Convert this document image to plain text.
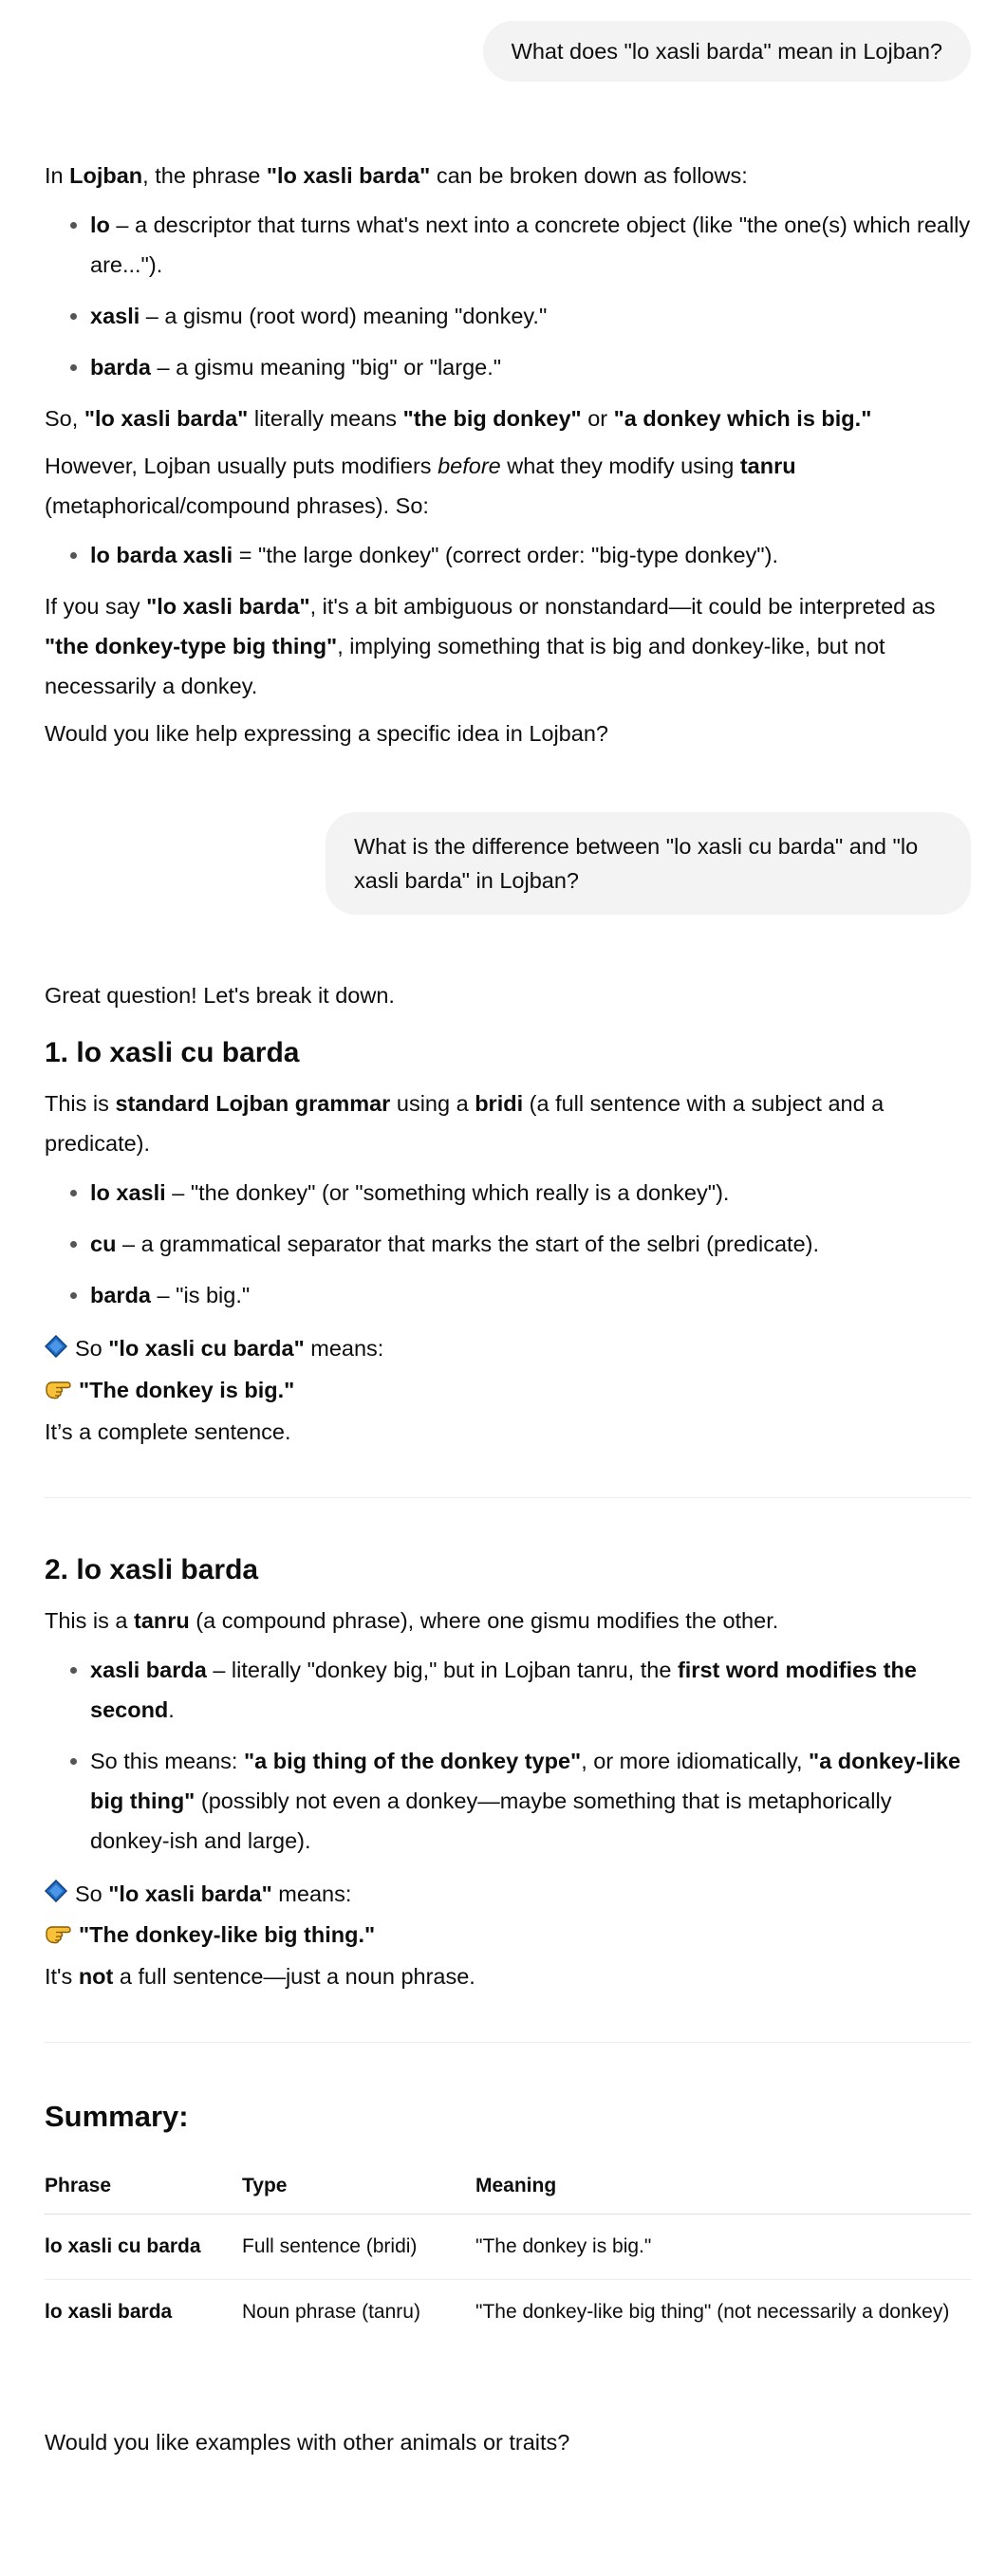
What does "lo xasli barda" mean in Lojban?

In Lojban, the phrase "lo xasli barda" can be broken down as follows:

• lo – a descriptor that turns what's next into a concrete object (like "the one(s) which really are...").
• xasli – a gismu (root word) meaning "donkey."
• barda – a gismu meaning "big" or "large."

So, "lo xasli barda" literally means "the big donkey" or "a donkey which is big."

However, Lojban usually puts modifiers before what they modify using tanru (metaphorical/compound phrases). So:

• lo barda xasli = "the large donkey" (correct order: "big-type donkey").

If you say "lo xasli barda", it's a bit ambiguous or nonstandard—it could be interpreted as "the donkey-type big thing", implying something that is big and donkey-like, but not necessarily a donkey.

Would you like help expressing a specific idea in Lojban?

What is the difference between "lo xasli cu barda" and "lo xasli barda" in Lojban?

Great question! Let's break it down.

1. lo xasli cu barda

This is standard Lojban grammar using a bridi (a full sentence with a subject and a predicate).

• lo xasli – "the donkey" (or "something which really is a donkey").
• cu – a grammatical separator that marks the start of the selbri (predicate).
• barda – "is big."

So "lo xasli cu barda" means:

"The donkey is big."

It’s a complete sentence.

2. lo xasli barda

This is a tanru (a compound phrase), where one gismu modifies the other.

• xasli barda – literally "donkey big," but in Lojban tanru, the first word modifies the second.
• So this means: "a big thing of the donkey type", or more idiomatically, "a donkey-like big thing" (possibly not even a donkey—maybe something that is metaphorically donkey-ish and large).

So "lo xasli barda" means:

"The donkey-like big thing."

It's not a full sentence—just a noun phrase.

Summary:
Phrase	Type	Meaning
lo xasli cu barda	Full sentence (bridi)	"The donkey is big."
lo xasli barda	Noun phrase (tanru)	"The donkey-like big thing" (not necessarily a donkey)

Would you like examples with other animals or traits?
